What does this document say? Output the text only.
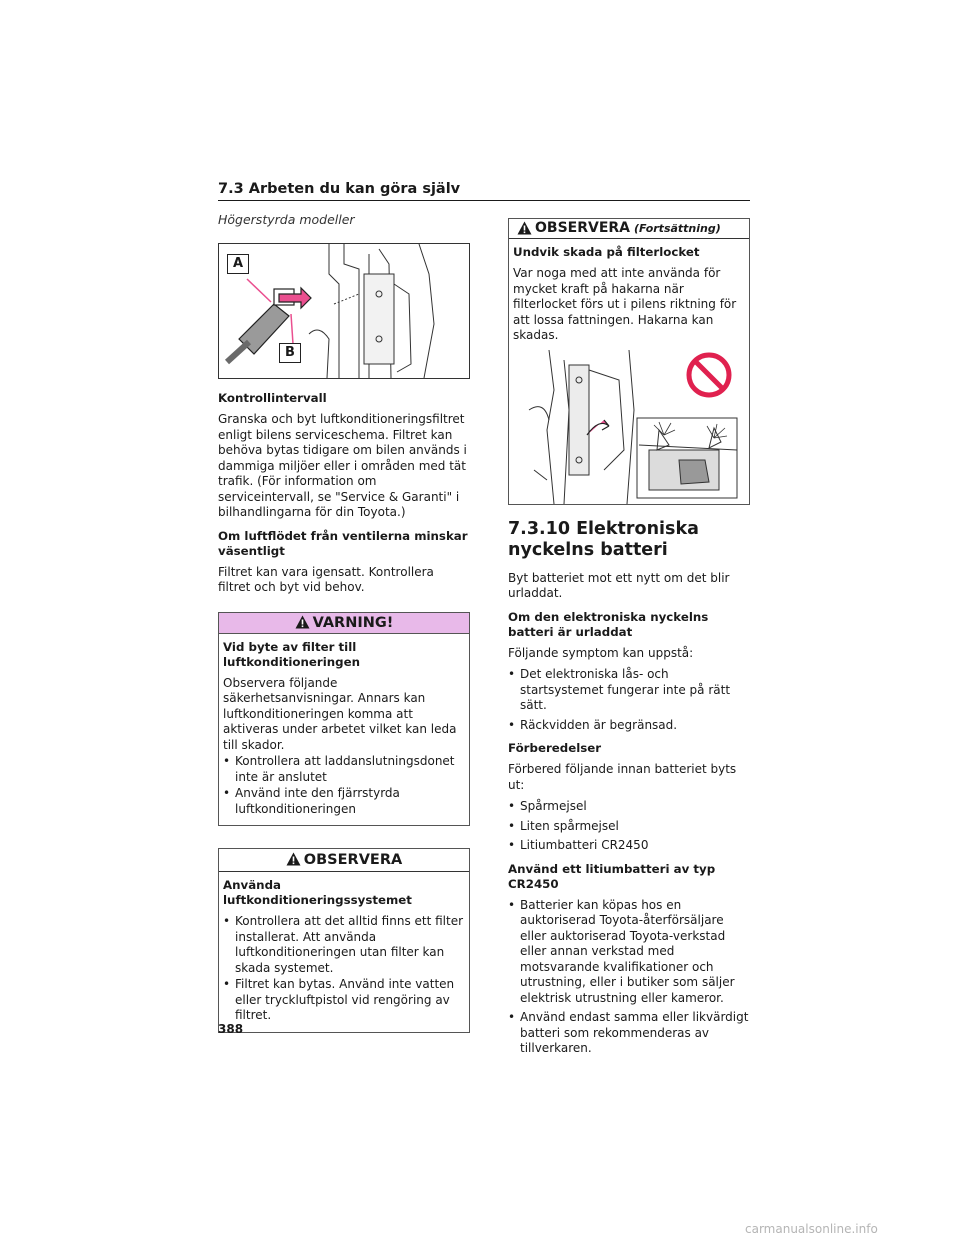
7.3 Arbeten du kan göra själv
Högerstyrda modeller
A
B
Kontrollintervall

Granska och byt luftkonditioneringsfiltret enligt bilens serviceschema. Filtret kan behöva bytas tidigare om bilen används i dammiga miljöer eller i områden med tät trafik. (För information om serviceintervall, se "Service & Garanti" i bilhandlingarna för din Toyota.)

Om luftflödet från ventilerna minskar väsentligt

Filtret kan vara igensatt. Kontrollera filtret och byt vid behov.

VARNING!
Vid byte av filter till luftkonditioneringen

Observera följande säkerhetsanvisningar. Annars kan luftkonditioneringen komma att aktiveras under arbetet vilket kan leda till skador.

• Kontrollera att laddanslutningsdonet inte är anslutet
• Använd inte den fjärrstyrda luftkonditioneringen
OBSERVERA
Använda luftkonditioneringssystemet
• Kontrollera att det alltid finns ett filter installerat. Att använda luftkonditioneringen utan filter kan skada systemet.
• Filtret kan bytas. Använd inte vatten eller tryckluftpistol vid rengöring av filtret.
OBSERVERA (Fortsättning)
Undvik skada på filterlocket

Var noga med att inte använda för mycket kraft på hakarna när filterlocket förs ut i pilens riktning för att lossa fattningen. Hakarna kan skadas.

7.3.10 Elektroniska nyckelns batteri

Byt batteriet mot ett nytt om det blir urladdat.

Om den elektroniska nyckelns batteri är urladdat

Följande symptom kan uppstå:

• Det elektroniska lås- och startsystemet fungerar inte på rätt sätt.
• Räckvidden är begränsad.
Förberedelser

Förbered följande innan batteriet byts ut:

• Spårmejsel
• Liten spårmejsel
• Litiumbatteri CR2450
Använd ett litiumbatteri av typ CR2450
• Batterier kan köpas hos en auktoriserad Toyota-återförsäljare eller auktoriserad Toyota-verkstad eller annan verkstad med motsvarande kvalifikationer och utrustning, eller i butiker som säljer elektrisk utrustning eller kameror.
• Använd endast samma eller likvärdigt batteri som rekommenderas av tillverkaren.
388
carmanualsonline.info
